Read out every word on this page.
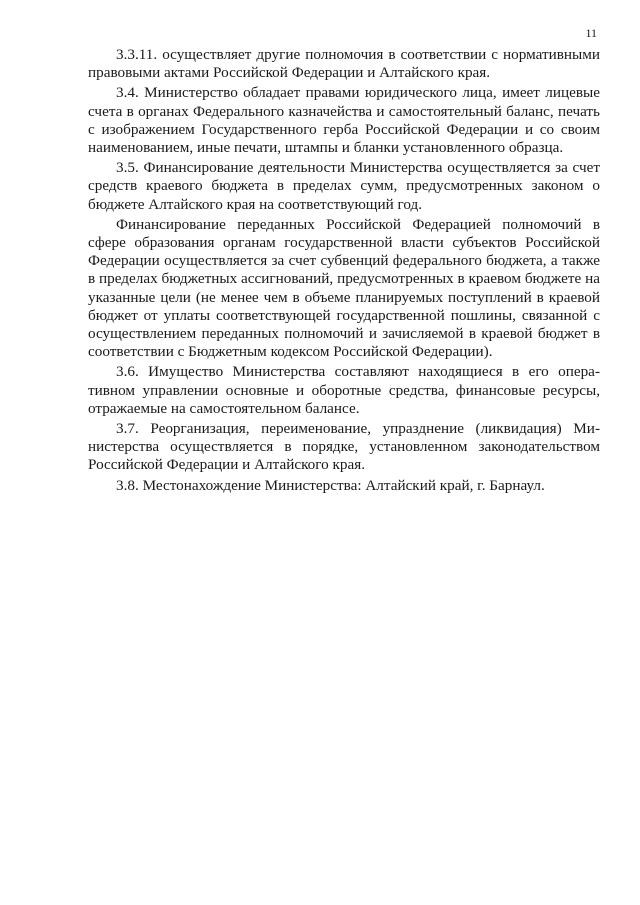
11

3.3.11. осуществляет другие полномочия в соответствии с нормативными правовыми актами Российской Федерации и Алтайского края.

3.4. Министерство обладает правами юридического лица, имеет лицевые счета в органах Федерального казначейства и самостоятельный баланс, печать с изображением Государственного герба Российской Федерации и со своим наименованием, иные печати, штампы и бланки установленного образца.

3.5. Финансирование деятельности Министерства осуществляется за счет средств краевого бюджета в пределах сумм, предусмотренных законом о бюджете Алтайского края на соответствующий год.

Финансирование переданных Российской Федерацией полномочий в сфере образования органам государственной власти субъектов Российской Федерации осуществляется за счет субвенций федерального бюджета, а также в пределах бюджетных ассигнований, предусмотренных в краевом бюджете на указанные цели (не менее чем в объеме планируемых поступлений в краевой бюджет от уплаты соответствующей государственной пошлины, связанной с осуществлением переданных полномочий и зачисляемой в краевой бюджет в соответствии с Бюджетным кодексом Российской Федерации).

3.6. Имущество Министерства составляют находящиеся в его оперативном управлении основные и оборотные средства, финансовые ресурсы, отражаемые на самостоятельном балансе.

3.7. Реорганизация, переименование, упразднение (ликвидация) Министерства осуществляется в порядке, установленном законодательством Российской Федерации и Алтайского края.

3.8. Местонахождение Министерства: Алтайский край, г. Барнаул.
